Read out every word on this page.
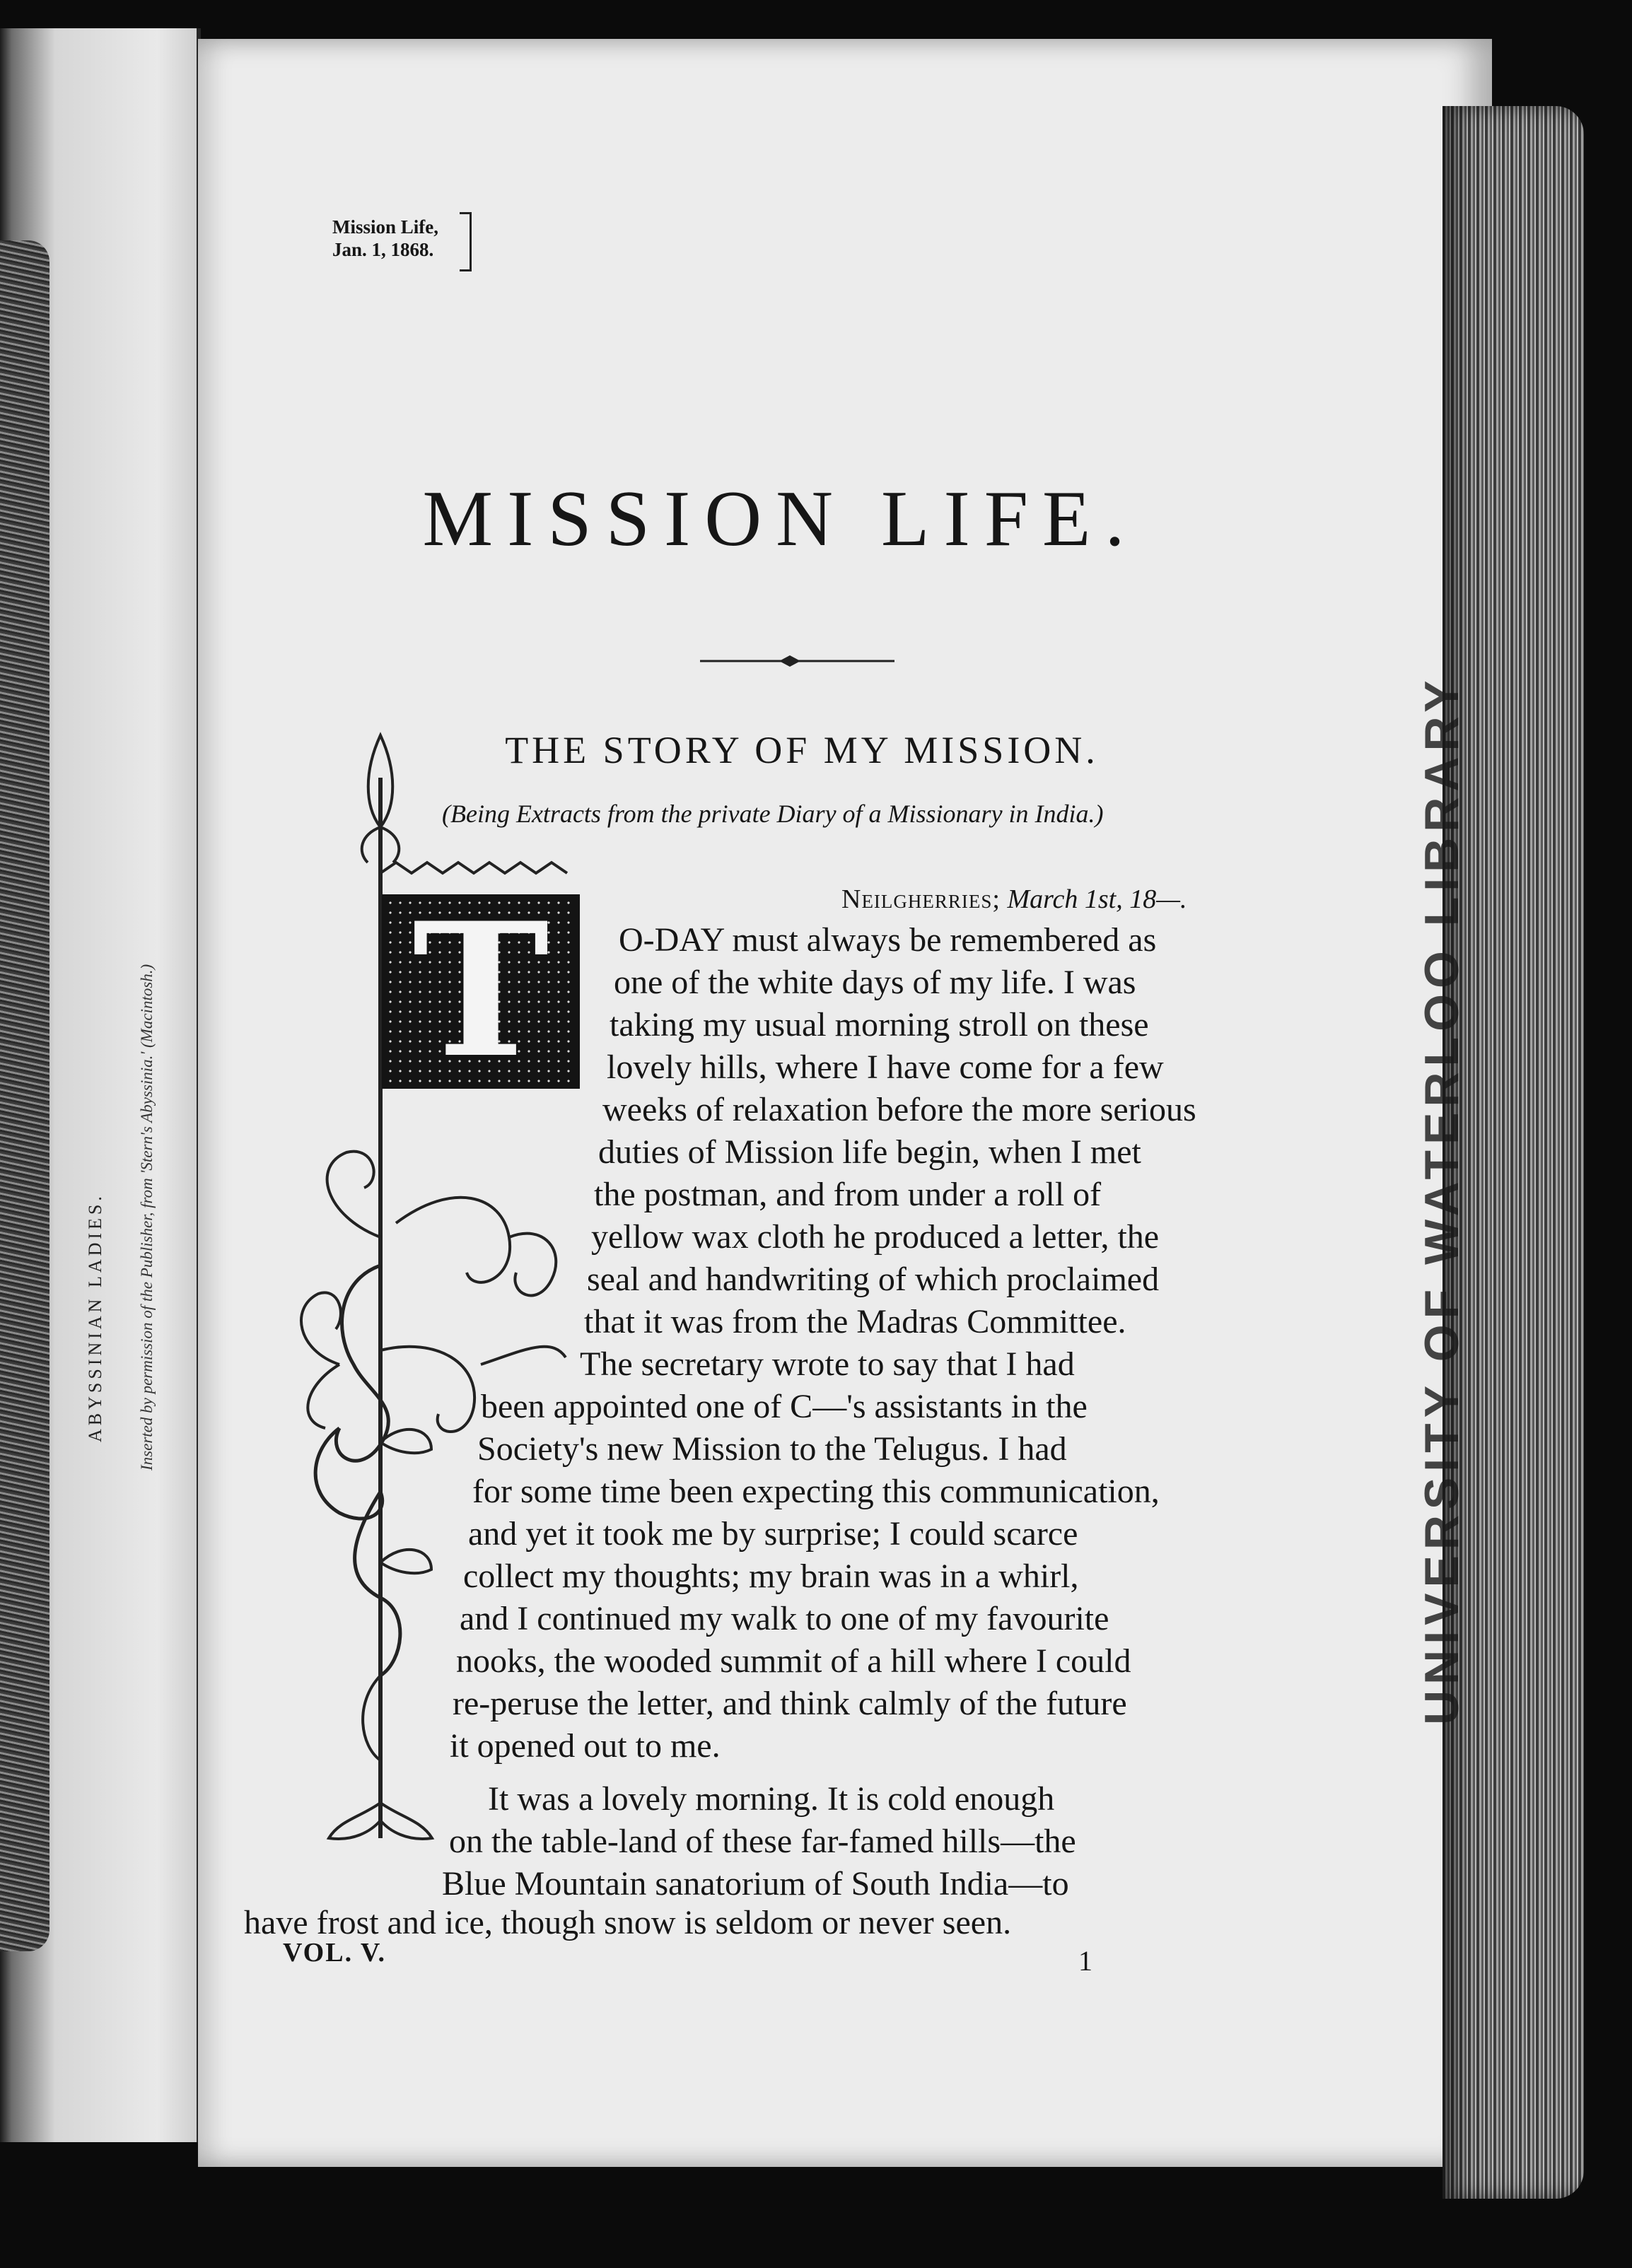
ABYSSINIAN LADIES.	Inserted by permission of the Publisher, from 'Stern's Abyssinia.' (Macintosh.)	UNIVERSITY OF WATERLOO LIBRARY
Mission Life,
Jan. 1, 1868.
MISSION LIFE.
THE STORY OF MY MISSION.
(Being Extracts from the private Diary of a Missionary in India.)
Neilgherries; March 1st, 18—.
T	O-DAY must always be remembered as
one of the white days of my life. I was
taking my usual morning stroll on these
lovely hills, where I have come for a few
weeks of relaxation before the more serious
duties of Mission life begin, when I met
the postman, and from under a roll of
yellow wax cloth he produced a letter, the
seal and handwriting of which proclaimed
that it was from the Madras Committee.
The secretary wrote to say that I had
been appointed one of C—'s assistants in the
Society's new Mission to the Telugus. I had
for some time been expecting this communication,
and yet it took me by surprise; I could scarce
collect my thoughts; my brain was in a whirl,
and I continued my walk to one of my favourite
nooks, the wooded summit of a hill where I could
re-peruse the letter, and think calmly of the future
it opened out to me.
It was a lovely morning. It is cold enough
on the table-land of these far-famed hills—the
Blue Mountain sanatorium of South India—to
have frost and ice, though snow is seldom or never seen.
VOL. V.	1
